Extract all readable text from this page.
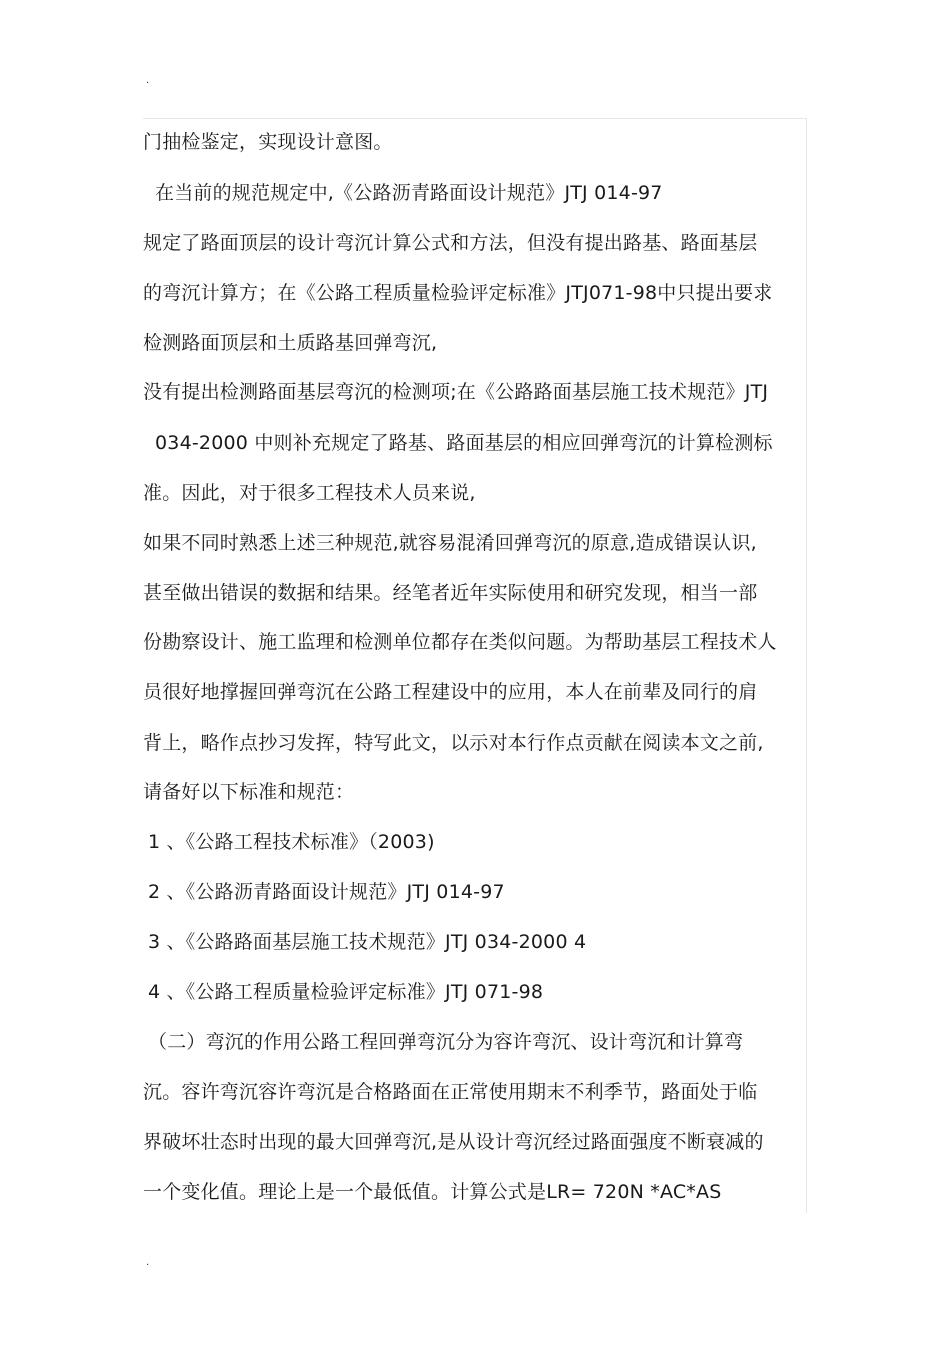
.
门抽检鉴定，实现设计意图。
在当前的规范规定中,《公路沥青路面设计规范》JTJ 014-97
规定了路面顶层的设计弯沉计算公式和方法，但没有提出路基、路面基层
的弯沉计算方；在《公路工程质量检验评定标准》JTJ071-98中只提出要求
检测路面顶层和土质路基回弹弯沉,
没有提出检测路面基层弯沉的检测项;在《公路路面基层施工技术规范》JTJ
034-2000 中则补充规定了路基、路面基层的相应回弹弯沉的计算检测标
准。因此，对于很多工程技术人员来说,
如果不同时熟悉上述三种规范,就容易混淆回弹弯沉的原意,造成错误认识,
甚至做出错误的数据和结果。经笔者近年实际使用和研究发现，相当一部
份勘察设计、施工监理和检测单位都存在类似问题。为帮助基层工程技术人
员很好地撑握回弹弯沉在公路工程建设中的应用，本人在前辈及同行的肩
背上，略作点抄习发挥，特写此文，以示对本行作点贡献在阅读本文之前,
请备好以下标准和规范：
1 、《公路工程技术标准》（2003)
2 、《公路沥青路面设计规范》JTJ 014-97
3 、《公路路面基层施工技术规范》JTJ 034-2000 4
4 、《公路工程质量检验评定标准》JTJ 071-98
（二）弯沉的作用公路工程回弹弯沉分为容许弯沉、设计弯沉和计算弯
沉。容许弯沉容许弯沉是合格路面在正常使用期末不利季节，路面处于临
界破坏壮态时出现的最大回弹弯沉,是从设计弯沉经过路面强度不断衰减的
一个变化值。理论上是一个最低值。计算公式是LR= 720N *AC*AS
.
